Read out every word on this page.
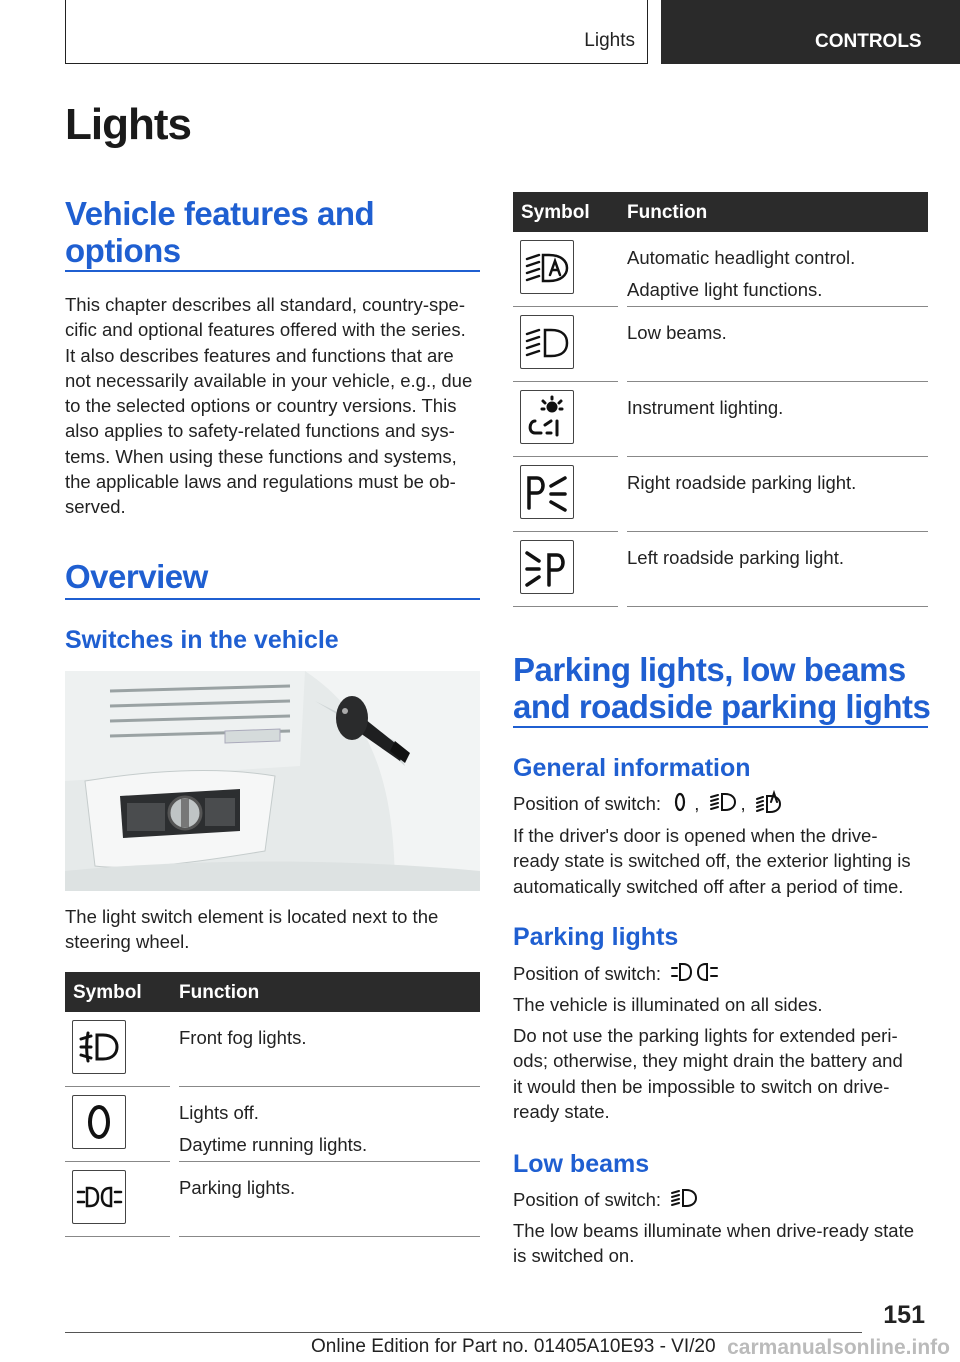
Lights	CONTROLS
Lights
Vehicle features and
options
This chapter describes all standard, country-spe-
cific and optional features offered with the series.
It also describes features and functions that are
not necessarily available in your vehicle, e.g., due
to the selected options or country versions. This
also applies to safety-related functions and sys-
tems. When using these functions and systems,
the applicable laws and regulations must be ob-
served.
Overview
Switches in the vehicle
The light switch element is located next to the
steering wheel.
Symbol Function
Front fog lights.
Lights off.
Daytime running lights.
Parking lights.
Symbol Function
Automatic headlight control.
Adaptive light functions.
Low beams.
Instrument lighting.
Right roadside parking light.
Left roadside parking light.
Parking lights, low beams
and roadside parking lights
General information
Position of switch: , ,
If the driver's door is opened when the drive-
ready state is switched off, the exterior lighting is
automatically switched off after a period of time.
Parking lights
Position of switch:
The vehicle is illuminated on all sides.
Do not use the parking lights for extended peri-
ods; otherwise, they might drain the battery and
it would then be impossible to switch on drive-
ready state.
Low beams
Position of switch:
The low beams illuminate when drive-ready state
is switched on.
151
Online Edition for Part no. 01405A10E93 - VI/20 carmanualsonline.info
